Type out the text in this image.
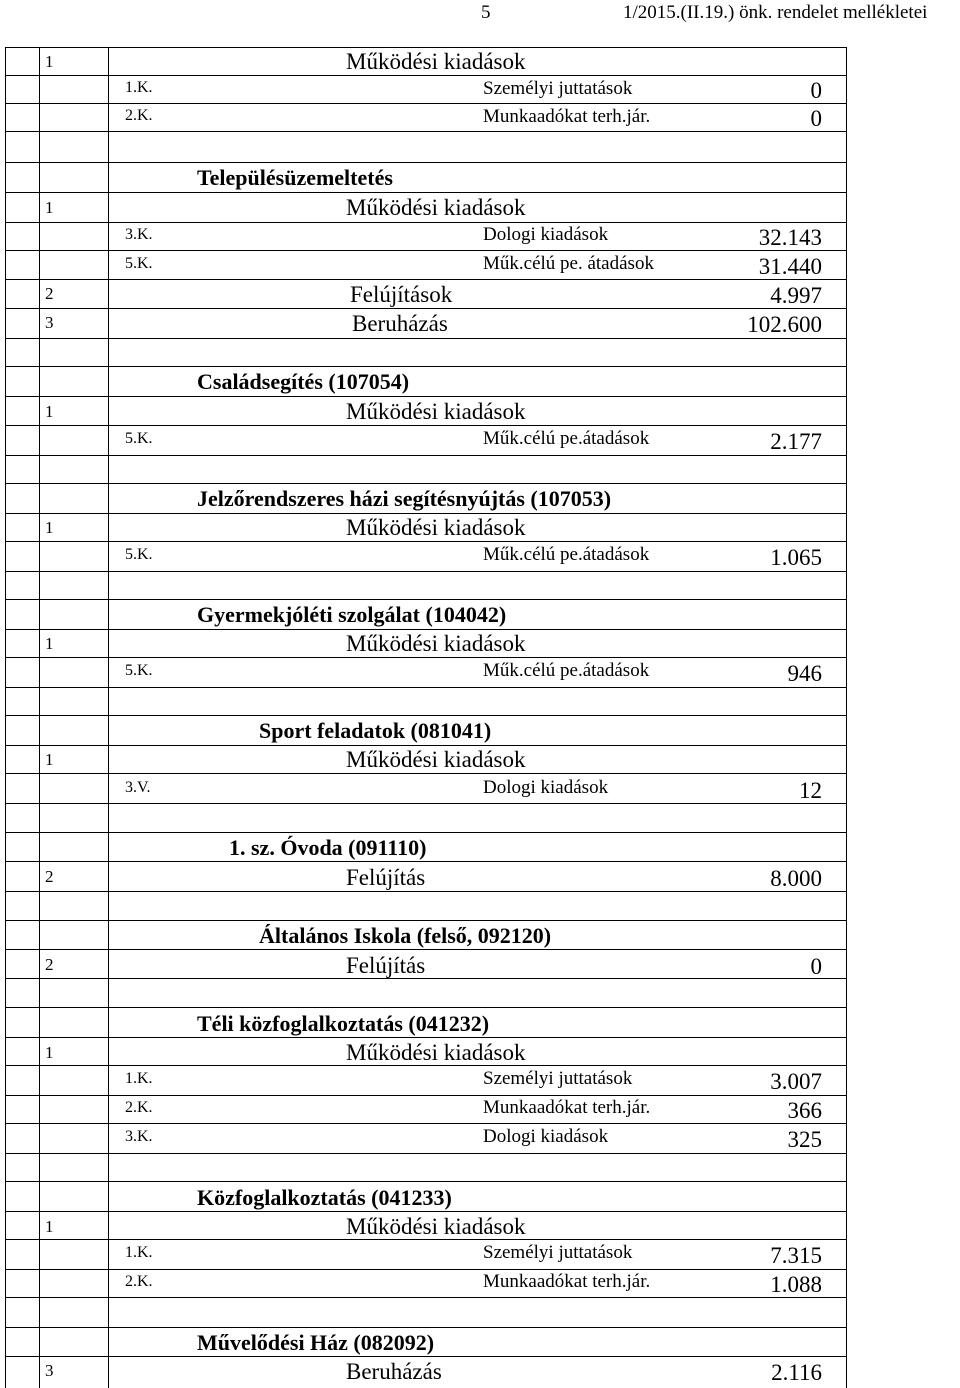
5	1/2015.(II.19.) önk. rendelet mellékletei
1	Működési kiadások
1.K.	Személyi juttatások	0
2.K.	Munkaadókat terh.jár.	0
Településüzemeltetés
1	Működési kiadások
3.K.	Dologi kiadások	32.143
5.K.	Műk.célú pe. átadások	31.440
2	Felújítások	4.997
3	Beruházás	102.600
Családsegítés (107054)
1	Működési kiadások
5.K.	Műk.célú pe.átadások	2.177
Jelzőrendszeres házi segítésnyújtás (107053)
1	Működési kiadások
5.K.	Műk.célú pe.átadások	1.065
Gyermekjóléti szolgálat (104042)
1	Működési kiadások
5.K.	Műk.célú pe.átadások	946
Sport feladatok (081041)
1	Működési kiadások
3.V.	Dologi kiadások	12
1. sz. Óvoda (091110)
2	Felújítás	8.000
Általános Iskola (felső, 092120)
2	Felújítás	0
Téli közfoglalkoztatás (041232)
1	Működési kiadások
1.K.	Személyi juttatások	3.007
2.K.	Munkaadókat terh.jár.	366
3.K.	Dologi kiadások	325
Közfoglalkoztatás (041233)
1	Működési kiadások
1.K.	Személyi juttatások	7.315
2.K.	Munkaadókat terh.jár.	1.088
Művelődési Ház (082092)
3	Beruházás	2.116
